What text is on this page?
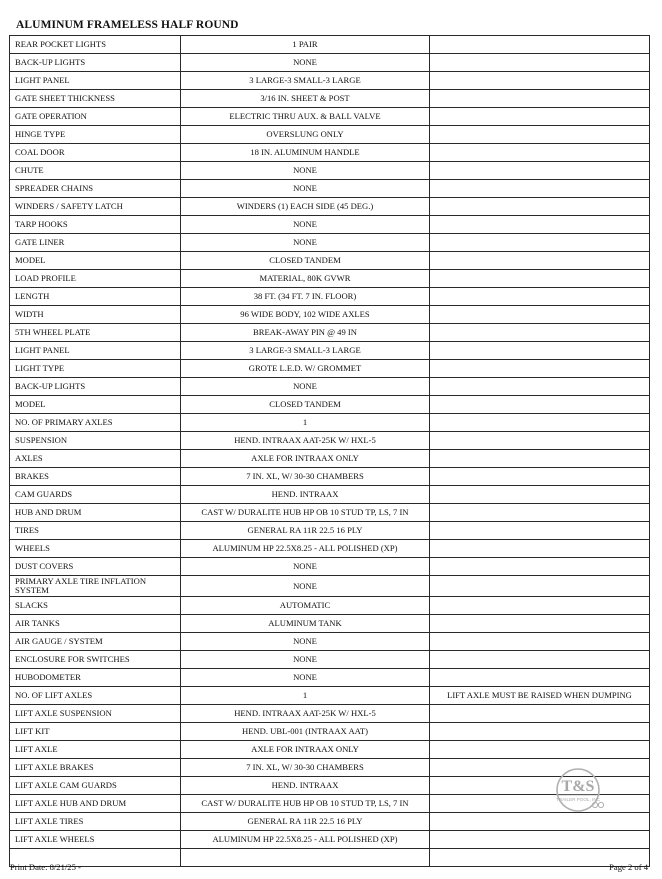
ALUMINUM FRAMELESS HALF ROUND
REAR POCKET LIGHTS	1 PAIR	
BACK-UP LIGHTS	NONE	
LIGHT PANEL	3 LARGE-3 SMALL-3 LARGE	
GATE SHEET THICKNESS	3/16 IN. SHEET & POST	
GATE OPERATION	ELECTRIC THRU AUX. & BALL VALVE	
HINGE TYPE	OVERSLUNG ONLY	
COAL DOOR	18 IN. ALUMINUM HANDLE	
CHUTE	NONE	
SPREADER CHAINS	NONE	
WINDERS / SAFETY LATCH	WINDERS (1) EACH SIDE (45 DEG.)	
TARP HOOKS	NONE	
GATE LINER	NONE	
MODEL	CLOSED TANDEM	
LOAD PROFILE	MATERIAL, 80K GVWR	
LENGTH	38 FT. (34 FT. 7 IN. FLOOR)	
WIDTH	96 WIDE BODY, 102 WIDE AXLES	
5TH WHEEL PLATE	BREAK-AWAY PIN @ 49 IN	
LIGHT PANEL	3 LARGE-3 SMALL-3 LARGE	
LIGHT TYPE	GROTE L.E.D. W/ GROMMET	
BACK-UP LIGHTS	NONE	
MODEL	CLOSED TANDEM	
NO. OF PRIMARY AXLES	1	
SUSPENSION	HEND. INTRAAX AAT-25K W/ HXL-5	
AXLES	AXLE FOR INTRAAX ONLY	
BRAKES	7 IN. XL, W/ 30-30 CHAMBERS	
CAM GUARDS	HEND. INTRAAX	
HUB AND DRUM	CAST W/ DURALITE HUB HP OB 10 STUD TP, LS, 7 IN	
TIRES	GENERAL RA 11R 22.5 16 PLY	
WHEELS	ALUMINUM HP 22.5X8.25 - ALL POLISHED (XP)	
DUST COVERS	NONE	
PRIMARY AXLE TIRE INFLATION SYSTEM	NONE	
SLACKS	AUTOMATIC	
AIR TANKS	ALUMINUM TANK	
AIR GAUGE / SYSTEM	NONE	
ENCLOSURE FOR SWITCHES	NONE	
HUBODOMETER	NONE	
NO. OF LIFT AXLES	1	LIFT AXLE MUST BE RAISED WHEN DUMPING
LIFT AXLE SUSPENSION	HEND. INTRAAX AAT-25K W/ HXL-5	
LIFT KIT	HEND. UBL-001 (INTRAAX AAT)	
LIFT AXLE	AXLE FOR INTRAAX ONLY	
LIFT AXLE BRAKES	7 IN. XL, W/ 30-30 CHAMBERS	
LIFT AXLE CAM GUARDS	HEND. INTRAAX	
LIFT AXLE HUB AND DRUM	CAST W/ DURALITE HUB HP OB 10 STUD TP, LS, 7 IN	
LIFT AXLE TIRES	GENERAL RA 11R 22.5 16 PLY	
LIFT AXLE WHEELS	ALUMINUM HP 22.5X8.25 - ALL POLISHED (XP)	

T&S
TRAILER POOL, INC
Print Date: 8/21/25 -	Page 2 of 4
